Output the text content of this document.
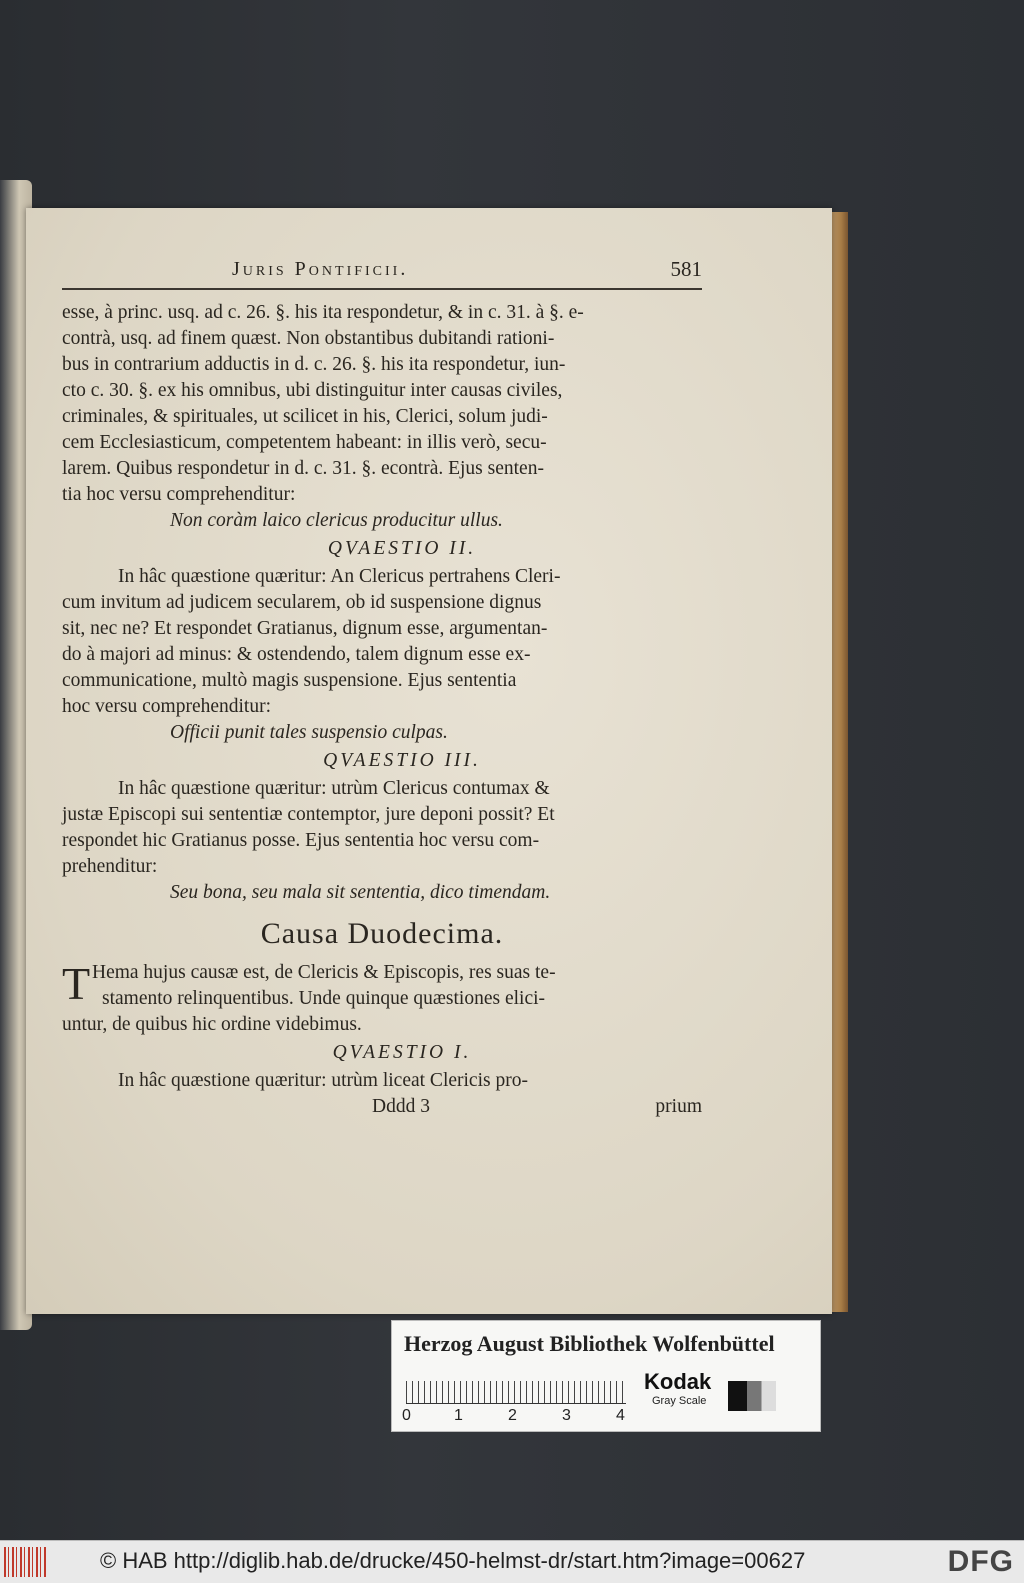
Juris Pontificii.	581
esse, à princ. usq. ad c. 26. §. his ita respondetur, & in c. 31. à §. e-
contrà, usq. ad finem quæst. Non obstantibus dubitandi rationi-
bus in contrarium adductis in d. c. 26. §. his ita respondetur, iun-
cto c. 30. §. ex his omnibus, ubi distinguitur inter causas civiles,
criminales, & spirituales, ut scilicet in his, Clerici, solum judi-
cem Ecclesiasticum, competentem habeant: in illis verò, secu-
larem. Quibus respondetur in d. c. 31. §. econtrà. Ejus senten-
tia hoc versu comprehenditur:
Non coràm laico clericus producitur ullus.
QVAESTIO II.
In hâc quæstione quæritur: An Clericus pertrahens Cleri-
cum invitum ad judicem secularem, ob id suspensione dignus
sit, nec ne? Et respondet Gratianus, dignum esse, argumentan-
do à majori ad minus: & ostendendo, talem dignum esse ex-
communicatione, multò magis suspensione. Ejus sententia
hoc versu comprehenditur:
Officii punit tales suspensio culpas.
QVAESTIO III.
In hâc quæstione quæritur: utrùm Clericus contumax &
justæ Episcopi sui sententiæ contemptor, jure deponi possit? Et
respondet hic Gratianus posse. Ejus sententia hoc versu com-
prehenditur:
Seu bona, seu mala sit sententia, dico timendam.
Causa Duodecima.
T Hema hujus causæ est, de Clericis & Episcopis, res suas te-
stamento relinquentibus. Unde quinque quæstiones elici-
untur, de quibus hic ordine videbimus.
QVAESTIO I.
In hâc quæstione quæritur: utrùm liceat Clericis pro-
Dddd 3	prium
Herzog August Bibliothek Wolfenbüttel
0	1	2	3	4
Kodak
Gray Scale
© HAB http://diglib.hab.de/drucke/450-helmst-dr/start.htm?image=00627	DFG
